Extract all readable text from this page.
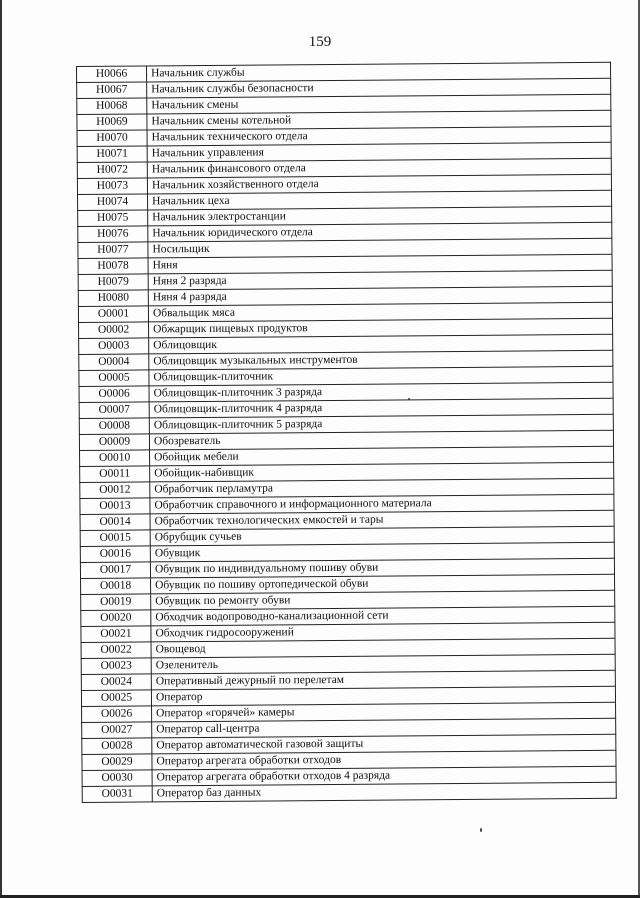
159
Н0066	Начальник службы
Н0067	Начальник службы безопасности
Н0068	Начальник смены
Н0069	Начальник смены котельной
Н0070	Начальник технического отдела
Н0071	Начальник управления
Н0072	Начальник финансового отдела
Н0073	Начальник хозяйственного отдела
Н0074	Начальник цеха
Н0075	Начальник электростанции
Н0076	Начальник юридического отдела
Н0077	Носильщик
Н0078	Няня
Н0079	Няня 2 разряда
Н0080	Няня 4 разряда
О0001	Обвальщик мяса
О0002	Обжарщик пищевых продуктов
О0003	Облицовщик
О0004	Облицовщик музыкальных инструментов
О0005	Облицовщик-плиточник
О0006	Облицовщик-плиточник 3 разряда
О0007	Облицовщик-плиточник 4 разряда
О0008	Облицовщик-плиточник 5 разряда
О0009	Обозреватель
О0010	Обойщик мебели
О0011	Обойщик-набивщик
О0012	Обработчик перламутра
О0013	Обработчик справочного и информационного материала
О0014	Обработчик технологических емкостей и тары
О0015	Обрубщик сучьев
О0016	Обувщик
О0017	Обувщик по индивидуальному пошиву обуви
О0018	Обувщик по пошиву ортопедической обуви
О0019	Обувщик по ремонту обуви
О0020	Обходчик водопроводно-канализационной сети
О0021	Обходчик гидросооружений
О0022	Овощевод
О0023	Озеленитель
О0024	Оперативный дежурный по перелетам
О0025	Оператор
О0026	Оператор «горячей» камеры
О0027	Оператор call-центра
О0028	Оператор автоматической газовой защиты
О0029	Оператор агрегата обработки отходов
О0030	Оператор агрегата обработки отходов 4 разряда
О0031	Оператор баз данных
